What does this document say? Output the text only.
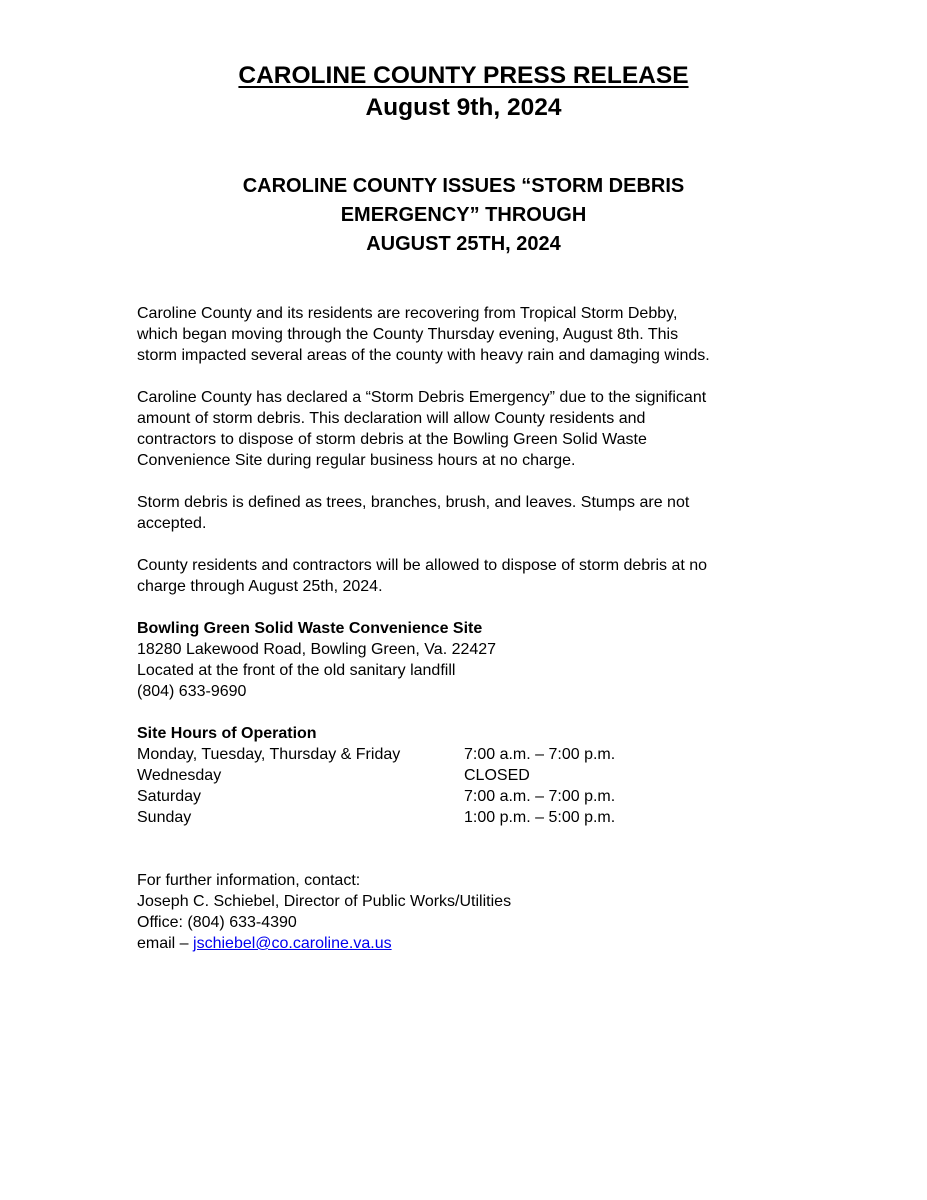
CAROLINE COUNTY PRESS RELEASE
August 9th, 2024
CAROLINE COUNTY ISSUES “STORM DEBRIS
EMERGENCY” THROUGH
AUGUST 25TH, 2024

Caroline County and its residents are recovering from Tropical Storm Debby,
which began moving through the County Thursday evening, August 8th. This
storm impacted several areas of the county with heavy rain and damaging winds.

Caroline County has declared a “Storm Debris Emergency” due to the significant
amount of storm debris. This declaration will allow County residents and
contractors to dispose of storm debris at the Bowling Green Solid Waste
Convenience Site during regular business hours at no charge.

Storm debris is defined as trees, branches, brush, and leaves. Stumps are not
accepted.

County residents and contractors will be allowed to dispose of storm debris at no
charge through August 25th, 2024.

Bowling Green Solid Waste Convenience Site
18280 Lakewood Road, Bowling Green, Va. 22427
Located at the front of the old sanitary landfill
(804) 633-9690
Site Hours of Operation
Monday, Tuesday, Thursday & Friday	7:00 a.m. – 7:00 p.m.
Wednesday	CLOSED
Saturday	7:00 a.m. – 7:00 p.m.
Sunday	1:00 p.m. – 5:00 p.m.
For further information, contact:
Joseph C. Schiebel, Director of Public Works/Utilities
Office: (804) 633-4390
email – jschiebel@co.caroline.va.us
